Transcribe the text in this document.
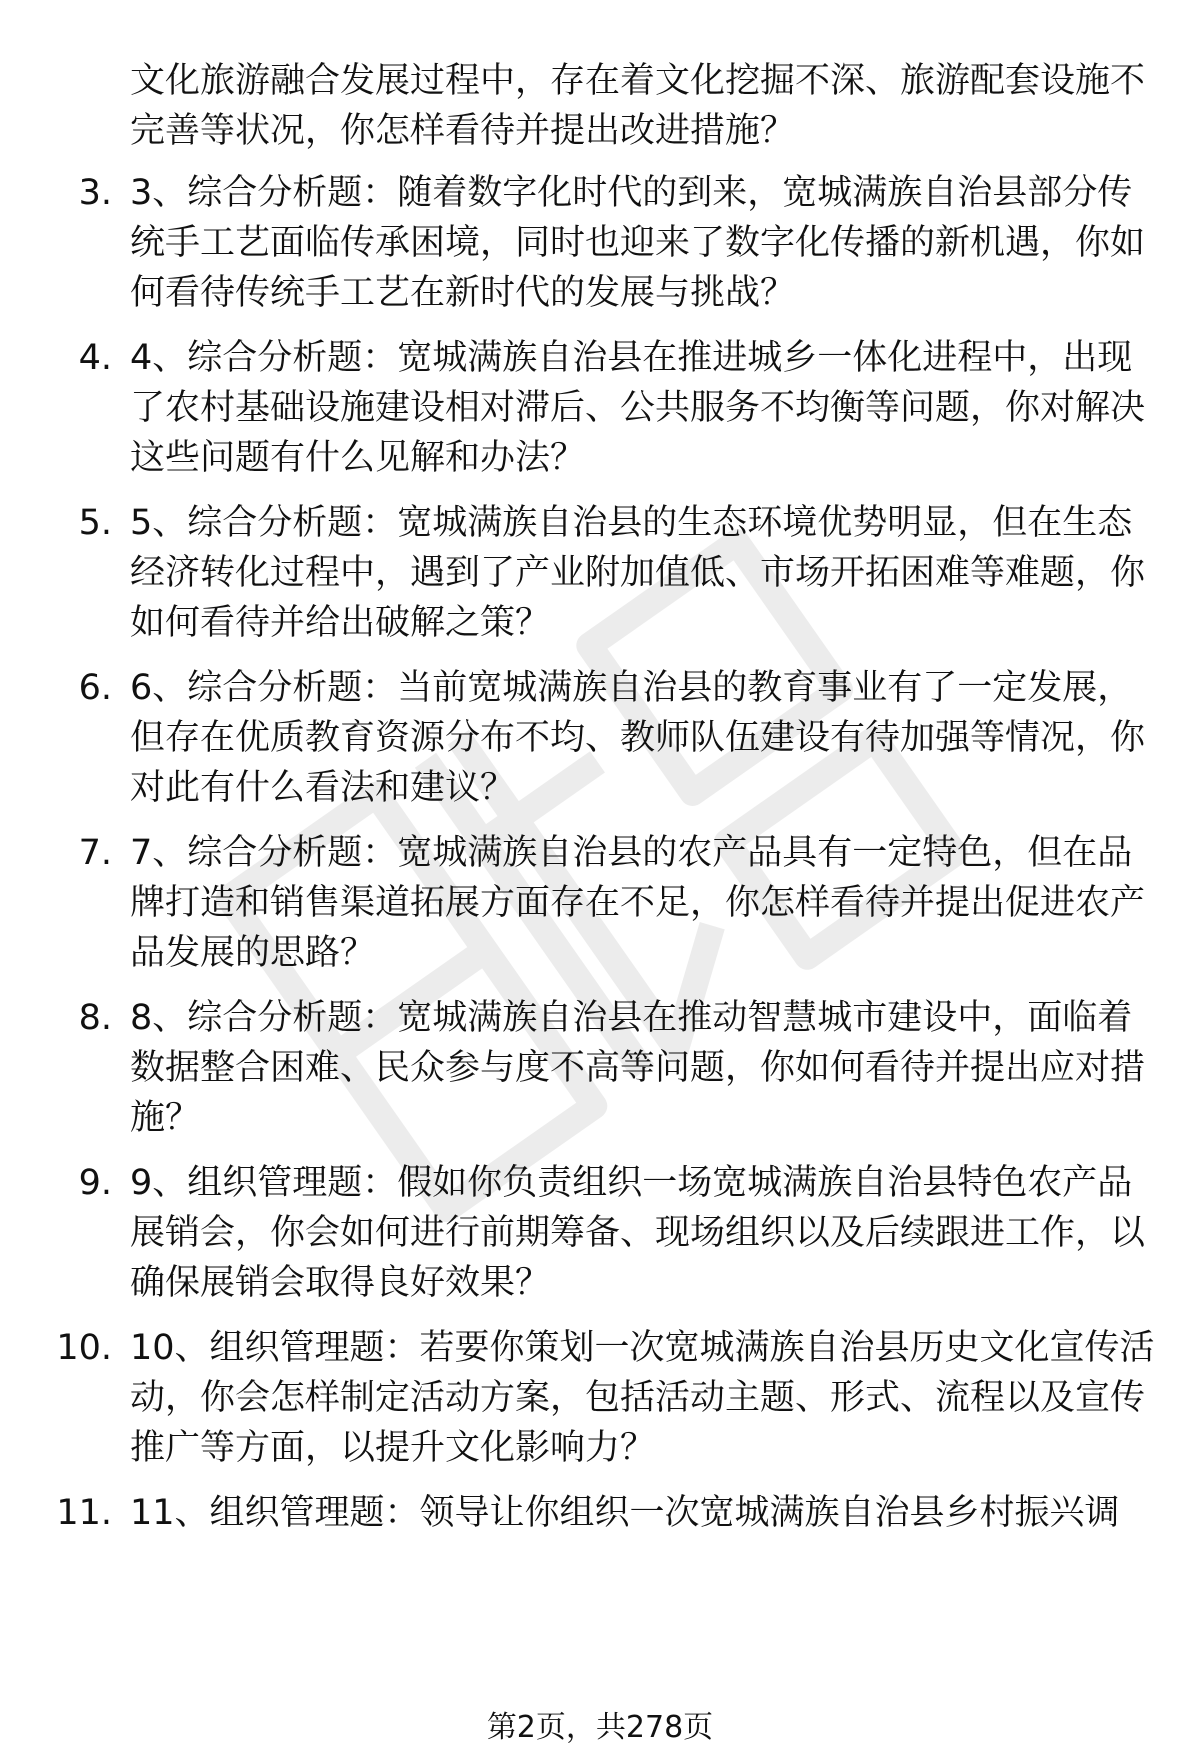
文化旅游融合发展过程中，存在着文化挖掘不深、旅游配套设施不完善等状况，你怎样看待并提出改进措施？

3. 3、综合分析题：随着数字化时代的到来，宽城满族自治县部分传统手工艺面临传承困境，同时也迎来了数字化传播的新机遇，你如何看待传统手工艺在新时代的发展与挑战？

4. 4、综合分析题：宽城满族自治县在推进城乡一体化进程中，出现了农村基础设施建设相对滞后、公共服务不均衡等问题，你对解决这些问题有什么见解和办法？

5. 5、综合分析题：宽城满族自治县的生态环境优势明显，但在生态经济转化过程中，遇到了产业附加值低、市场开拓困难等难题，你如何看待并给出破解之策？

6. 6、综合分析题：当前宽城满族自治县的教育事业有了一定发展，但存在优质教育资源分布不均、教师队伍建设有待加强等情况，你对此有什么看法和建议？

7. 7、综合分析题：宽城满族自治县的农产品具有一定特色，但在品牌打造和销售渠道拓展方面存在不足，你怎样看待并提出促进农产品发展的思路？

8. 8、综合分析题：宽城满族自治县在推动智慧城市建设中，面临着数据整合困难、民众参与度不高等问题，你如何看待并提出应对措施？

9. 9、组织管理题：假如你负责组织一场宽城满族自治县特色农产品展销会，你会如何进行前期筹备、现场组织以及后续跟进工作，以确保展销会取得良好效果？

10. 10、组织管理题：若要你策划一次宽城满族自治县历史文化宣传活动，你会怎样制定活动方案，包括活动主题、形式、流程以及宣传推广等方面，以提升文化影响力？

11. 11、组织管理题：领导让你组织一次宽城满族自治县乡村振兴调

第2页，共278页
